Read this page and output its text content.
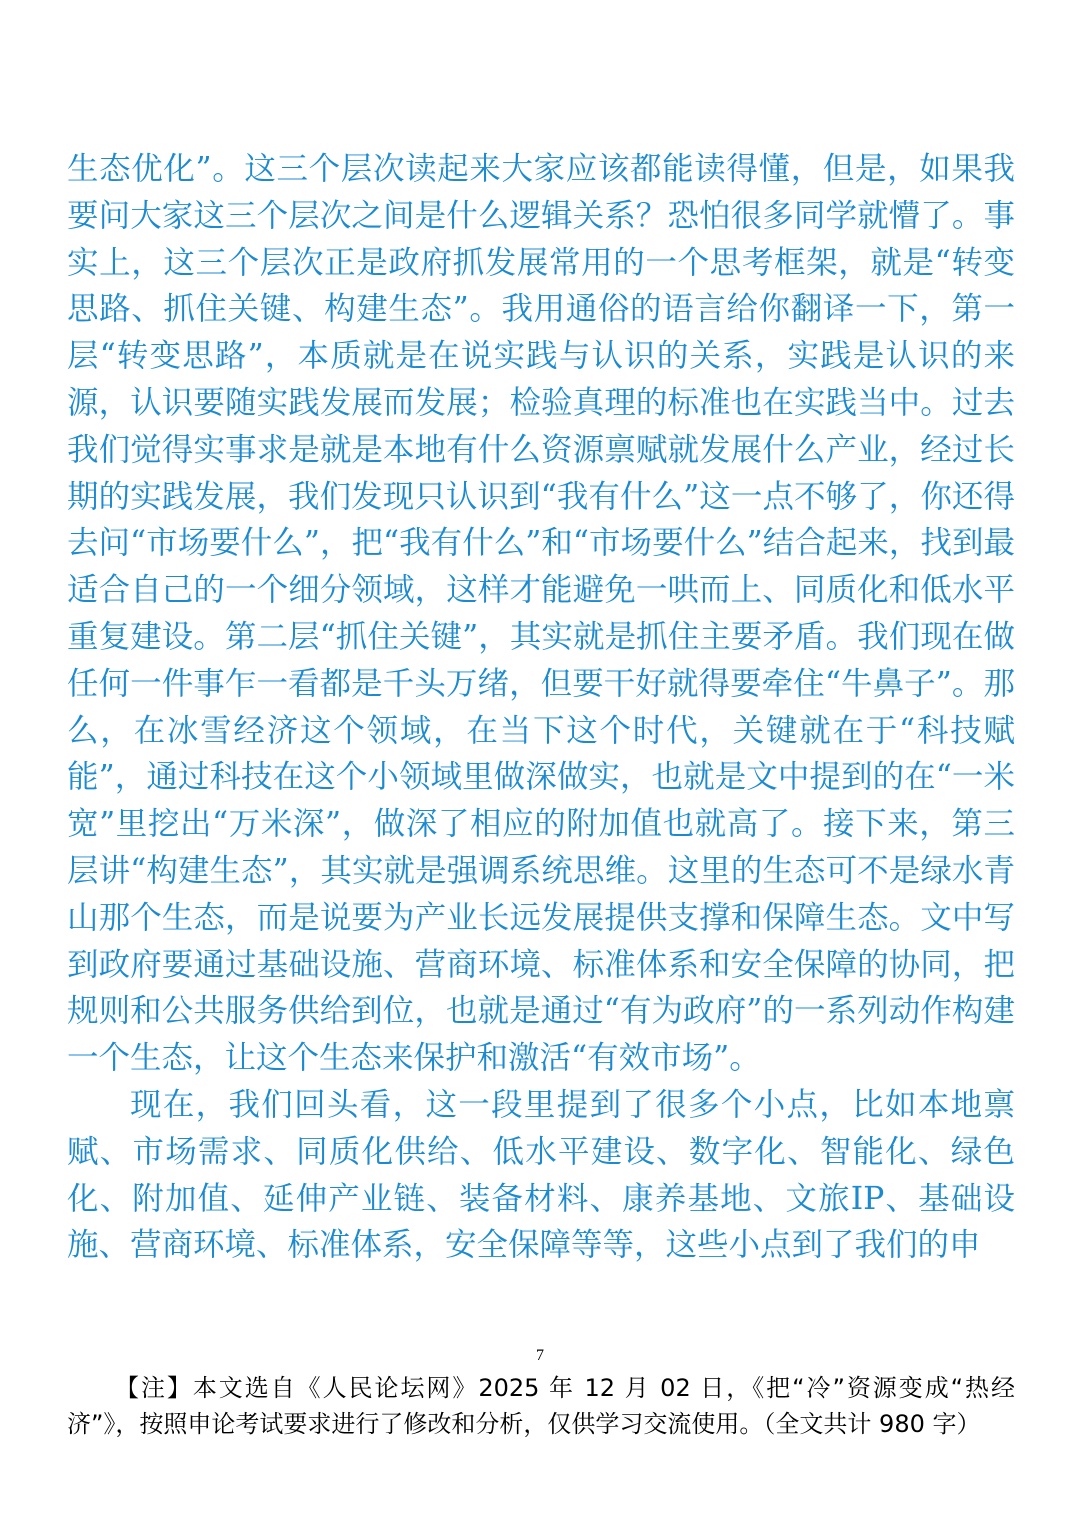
生态优化”。这三个层次读起来大家应该都能读得懂，但是，如果我要问大家这三个层次之间是什么逻辑关系？恐怕很多同学就懵了。事实上，这三个层次正是政府抓发展常用的一个思考框架，就是“转变思路、抓住关键、构建生态”。我用通俗的语言给你翻译一下，第一层“转变思路”，本质就是在说实践与认识的关系，实践是认识的来源，认识要随实践发展而发展；检验真理的标准也在实践当中。过去我们觉得实事求是就是本地有什么资源禀赋就发展什么产业，经过长期的实践发展，我们发现只认识到“我有什么”这一点不够了，你还得去问“市场要什么”，把“我有什么”和“市场要什么”结合起来，找到最适合自己的一个细分领域，这样才能避免一哄而上、同质化和低水平重复建设。第二层“抓住关键”，其实就是抓住主要矛盾。我们现在做任何一件事乍一看都是千头万绪，但要干好就得要牵住“牛鼻子”。那么，在冰雪经济这个领域，在当下这个时代，关键就在于“科技赋能”，通过科技在这个小领域里做深做实，也就是文中提到的在“一米宽”里挖出“万米深”，做深了相应的附加值也就高了。接下来，第三层讲“构建生态”，其实就是强调系统思维。这里的生态可不是绿水青山那个生态，而是说要为产业长远发展提供支撑和保障生态。文中写到政府要通过基础设施、营商环境、标准体系和安全保障的协同，把规则和公共服务供给到位，也就是通过“有为政府”的一系列动作构建一个生态，让这个生态来保护和激活“有效市场”。

现在，我们回头看，这一段里提到了很多个小点，比如本地禀赋、市场需求、同质化供给、低水平建设、数字化、智能化、绿色化、附加值、延伸产业链、装备材料、康养基地、文旅IP、基础设施、营商环境、标准体系，安全保障等等，这些小点到了我们的申

7
【注】本文选自《人民论坛网》2025 年 12 月 02 日，《把“冷”资源变成“热经济”》，按照申论考试要求进行了修改和分析，仅供学习交流使用。（全文共计 980 字）
